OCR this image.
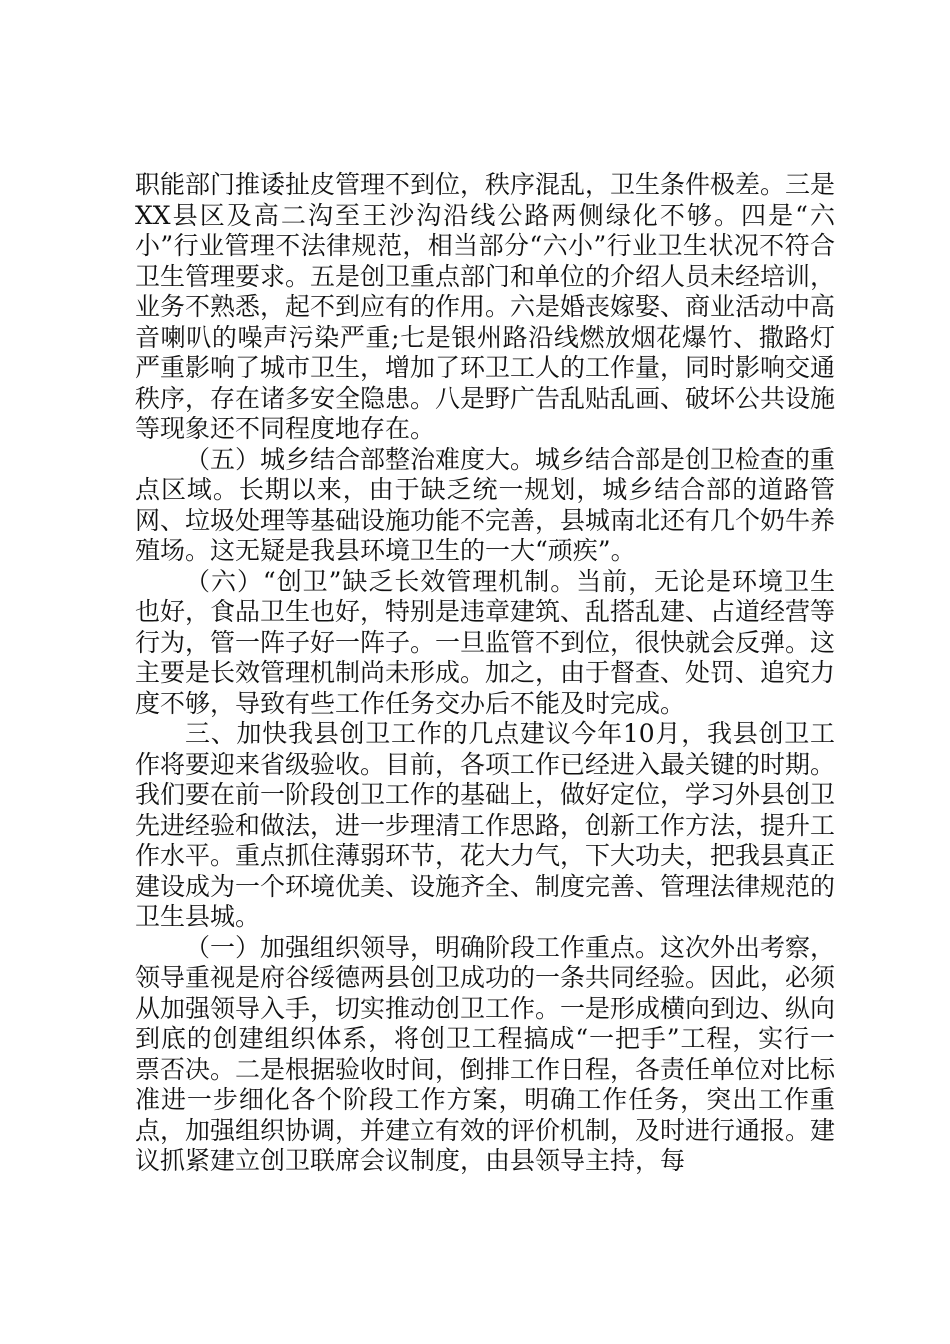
职能部门推诿扯皮管理不到位，秩序混乱，卫生条件极差。三是XX县区及高二沟至王沙沟沿线公路两侧绿化不够。四是“六小”行业管理不法律规范，相当部分“六小”行业卫生状况不符合卫生管理要求。五是创卫重点部门和单位的介绍人员未经培训，业务不熟悉，起不到应有的作用。六是婚丧嫁娶、商业活动中高音喇叭的噪声污染严重;七是银州路沿线燃放烟花爆竹、撒路灯严重影响了城市卫生，增加了环卫工人的工作量，同时影响交通秩序，存在诸多安全隐患。八是野广告乱贴乱画、破坏公共设施等现象还不同程度地存在。

（五）城乡结合部整治难度大。城乡结合部是创卫检查的重点区域。长期以来，由于缺乏统一规划，城乡结合部的道路管网、垃圾处理等基础设施功能不完善，县城南北还有几个奶牛养殖场。这无疑是我县环境卫生的一大“顽疾”。

（六）“创卫”缺乏长效管理机制。当前，无论是环境卫生也好，食品卫生也好，特别是违章建筑、乱搭乱建、占道经营等行为，管一阵子好一阵子。一旦监管不到位，很快就会反弹。这主要是长效管理机制尚未形成。加之，由于督查、处罚、追究力度不够，导致有些工作任务交办后不能及时完成。

三、加快我县创卫工作的几点建议今年10月，我县创卫工作将要迎来省级验收。目前，各项工作已经进入最关键的时期。我们要在前一阶段创卫工作的基础上，做好定位，学习外县创卫先进经验和做法，进一步理清工作思路，创新工作方法，提升工作水平。重点抓住薄弱环节，花大力气，下大功夫，把我县真正建设成为一个环境优美、设施齐全、制度完善、管理法律规范的卫生县城。

（一）加强组织领导，明确阶段工作重点。这次外出考察，领导重视是府谷绥德两县创卫成功的一条共同经验。因此，必须从加强领导入手，切实推动创卫工作。一是形成横向到边、纵向到底的创建组织体系，将创卫工程搞成“一把手”工程，实行一票否决。二是根据验收时间，倒排工作日程，各责任单位对比标准进一步细化各个阶段工作方案，明确工作任务，突出工作重点，加强组织协调，并建立有效的评价机制，及时进行通报。建议抓紧建立创卫联席会议制度，由县领导主持，每
